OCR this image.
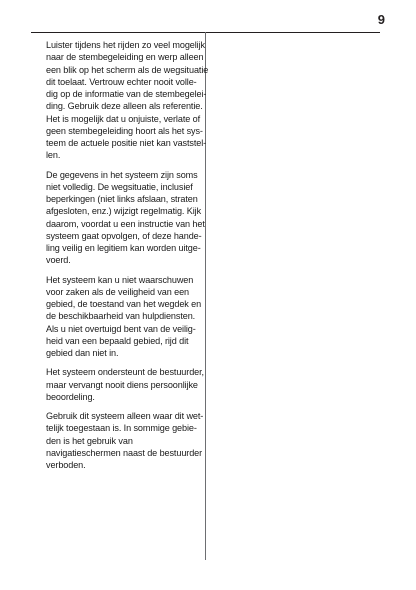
9

Luister tijdens het rijden zo veel mogelijk
naar de stembegeleiding en werp alleen
een blik op het scherm als de wegsituatie
dit toelaat. Vertrouw echter nooit volle-
dig op de informatie van de stembegelei-
ding. Gebruik deze alleen als referentie.
Het is mogelijk dat u onjuiste, verlate of
geen stembegeleiding hoort als het sys-
teem de actuele positie niet kan vaststel-
len.

De gegevens in het systeem zijn soms
niet volledig. De wegsituatie, inclusief
beperkingen (niet links afslaan, straten
afgesloten, enz.) wijzigt regelmatig. Kijk
daarom, voordat u een instructie van het
systeem gaat opvolgen, of deze hande-
ling veilig en legitiem kan worden uitge-
voerd.

Het systeem kan u niet waarschuwen
voor zaken als de veiligheid van een
gebied, de toestand van het wegdek en
de beschikbaarheid van hulpdiensten.
Als u niet overtuigd bent van de veilig-
heid van een bepaald gebied, rijd dit
gebied dan niet in.

Het systeem ondersteunt de bestuurder,
maar vervangt nooit diens persoonlijke
beoordeling.

Gebruik dit systeem alleen waar dit wet-
telijk toegestaan is. In sommige gebie-
den is het gebruik van
navigatieschermen naast de bestuurder
verboden.
